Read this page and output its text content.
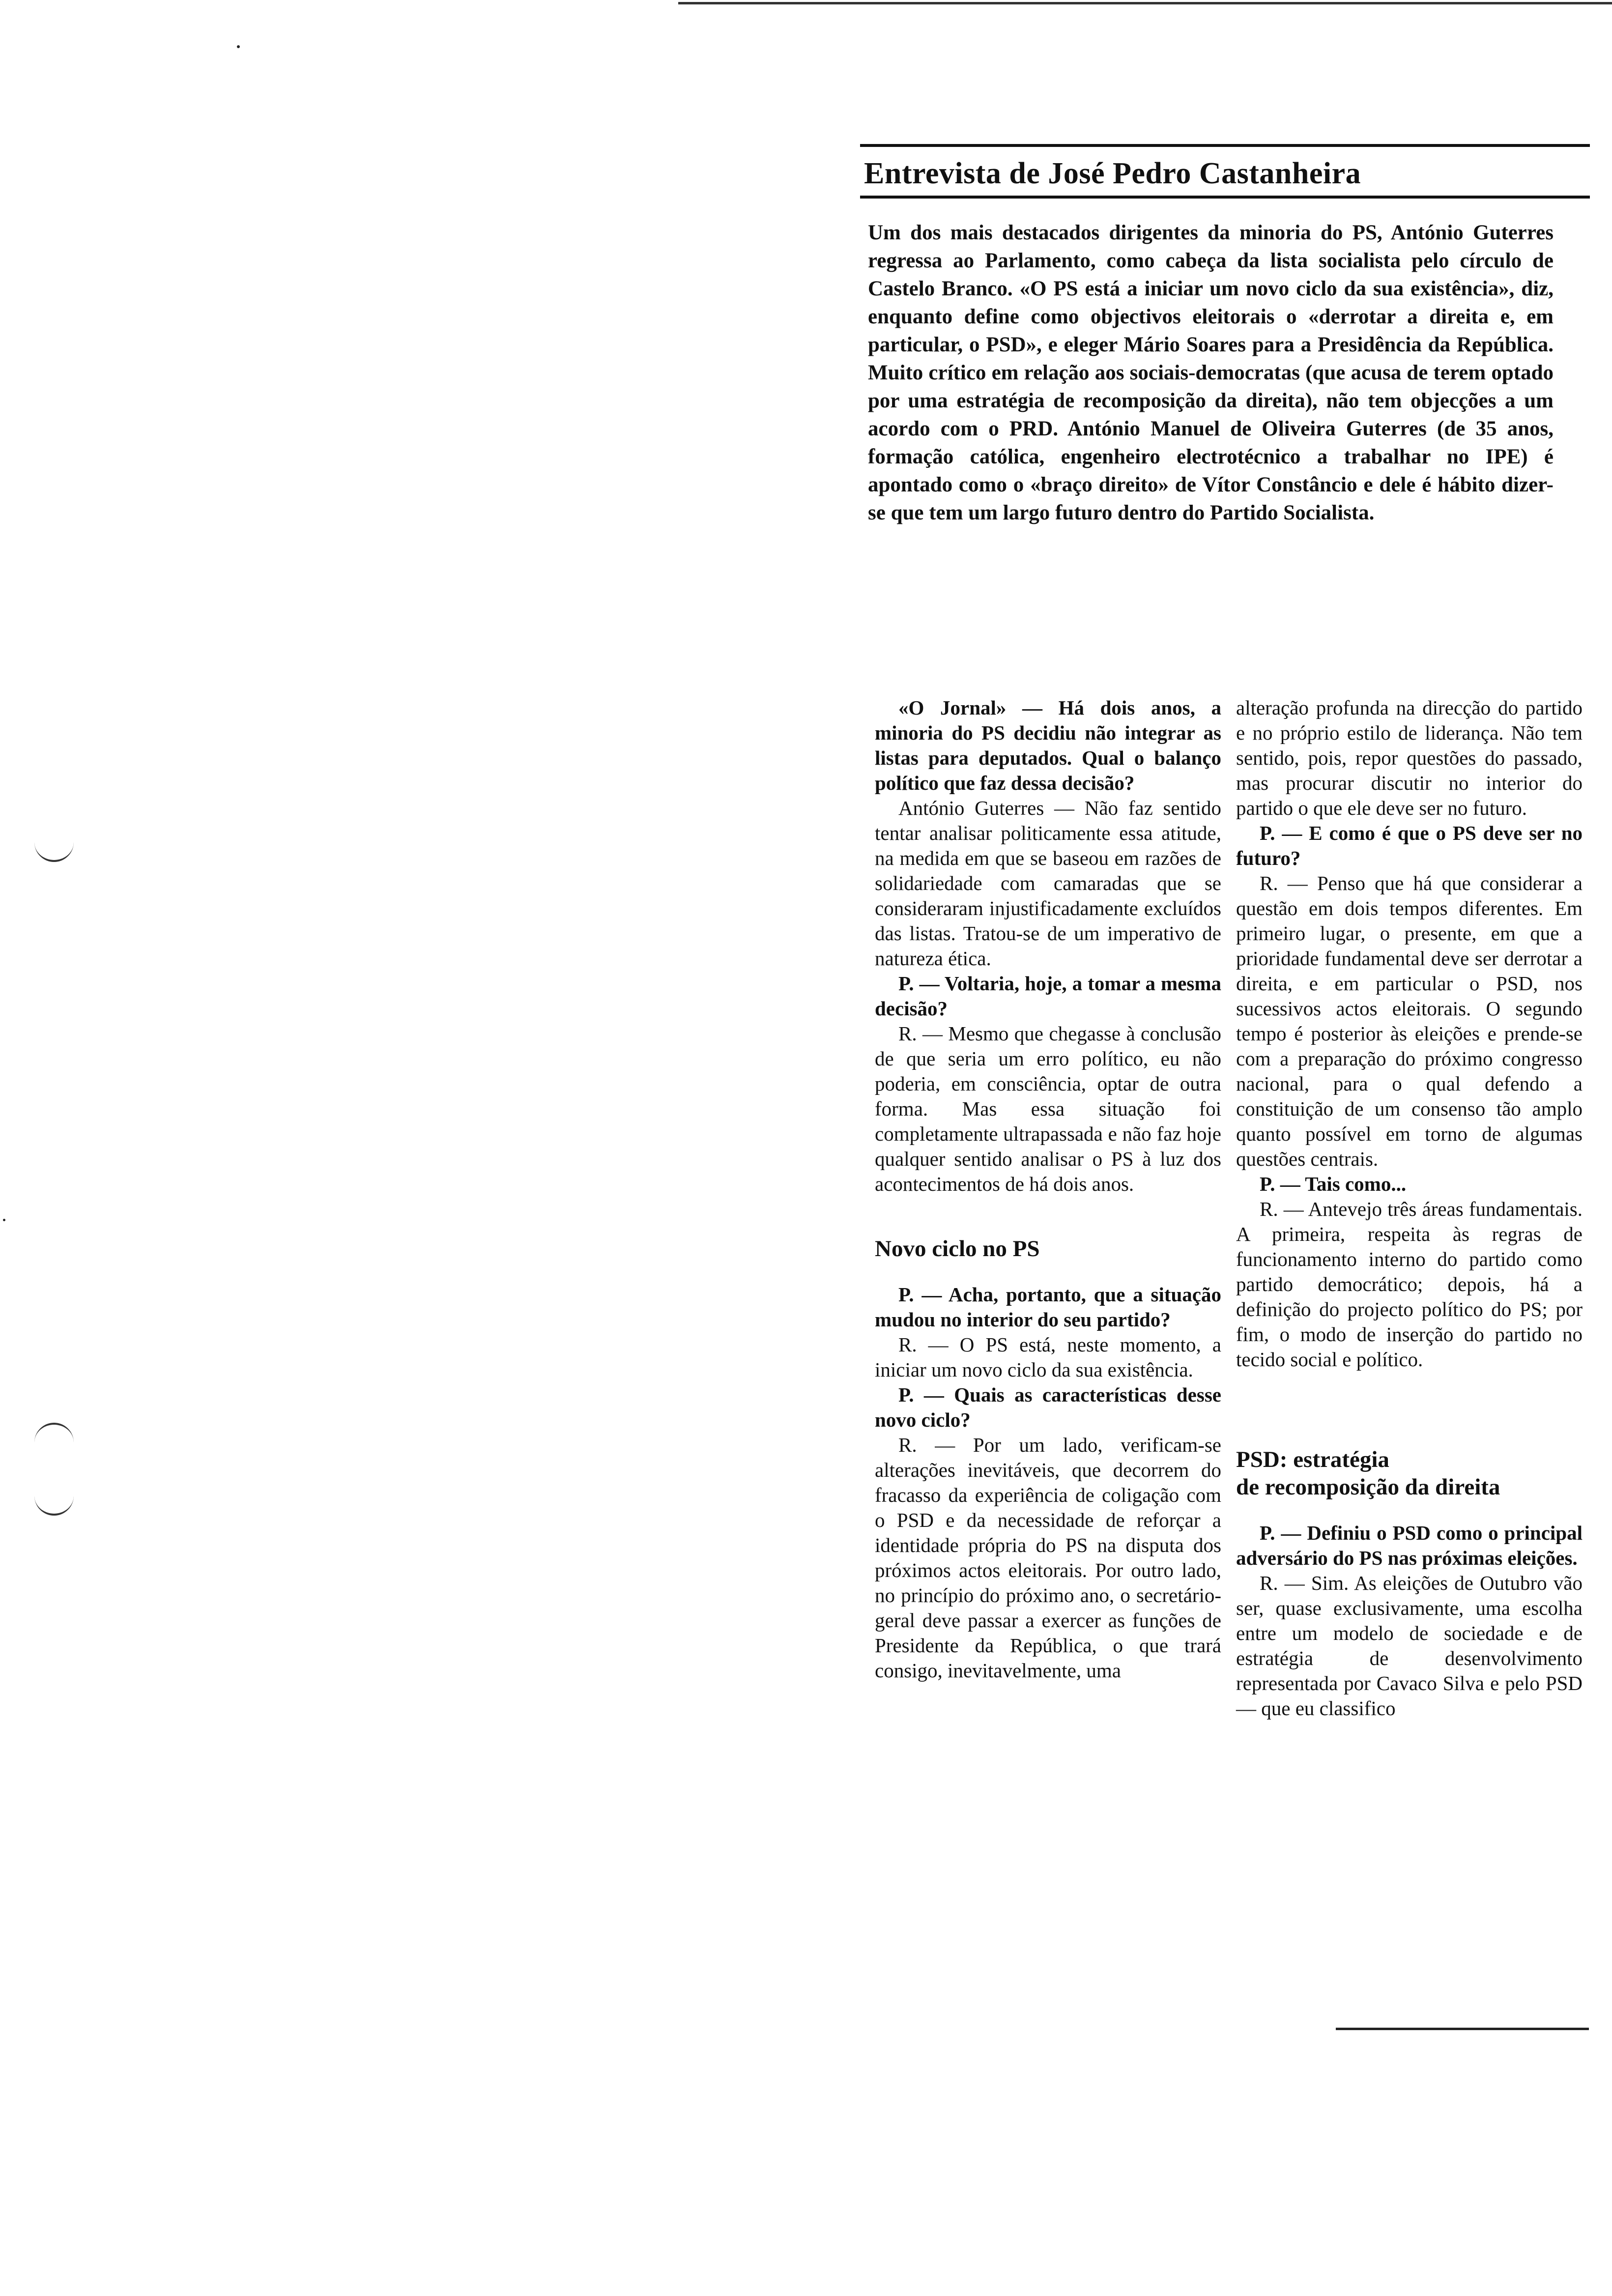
Entrevista de José Pedro Castanheira
Um dos mais destacados dirigentes da minoria do PS, António Guterres regressa ao Parlamento, como cabeça da lista socialista pelo círculo de Castelo Branco. «O PS está a iniciar um novo ciclo da sua existência», diz, enquanto define como objectivos eleitorais o «derrotar a direita e, em particular, o PSD», e eleger Mário Soares para a Presidência da República. Muito crítico em relação aos sociais-democratas (que acusa de terem optado por uma estratégia de recomposição da direita), não tem objecções a um acordo com o PRD. António Manuel de Oliveira Guterres (de 35 anos, formação católica, engenheiro electrotécnico a trabalhar no IPE) é apontado como o «braço direito» de Vítor Constâncio e dele é hábito dizer-se que tem um largo futuro dentro do Partido Socialista.

«O Jornal» — Há dois anos, a minoria do PS decidiu não integrar as listas para deputados. Qual o balanço político que faz dessa decisão?

António Guterres — Não faz sentido tentar analisar politicamente essa atitude, na medida em que se baseou em razões de solidariedade com camaradas que se consideraram injustificadamente excluídos das listas. Tratou-se de um imperativo de natureza ética.

P. — Voltaria, hoje, a tomar a mesma decisão?

R. — Mesmo que chegasse à conclusão de que seria um erro político, eu não poderia, em consciência, optar de outra forma. Mas essa situação foi completamente ultrapassada e não faz hoje qualquer sentido analisar o PS à luz dos acontecimentos de há dois anos.

Novo ciclo no PS

P. — Acha, portanto, que a situação mudou no interior do seu partido?

R. — O PS está, neste momento, a iniciar um novo ciclo da sua existência.

P. — Quais as características desse novo ciclo?

R. — Por um lado, verificam-se alterações inevitáveis, que decorrem do fracasso da experiência de coligação com o PSD e da necessidade de reforçar a identidade própria do PS na disputa dos próximos actos eleitorais. Por outro lado, no princípio do próximo ano, o secretário-geral deve passar a exercer as funções de Presidente da República, o que trará consigo, inevitavelmente, uma

alteração profunda na direcção do partido e no próprio estilo de liderança. Não tem sentido, pois, repor questões do passado, mas procurar discutir no interior do partido o que ele deve ser no futuro.

P. — E como é que o PS deve ser no futuro?

R. — Penso que há que considerar a questão em dois tempos diferentes. Em primeiro lugar, o presente, em que a prioridade fundamental deve ser derrotar a direita, e em particular o PSD, nos sucessivos actos eleitorais. O segundo tempo é posterior às eleições e prende-se com a preparação do próximo congresso nacional, para o qual defendo a constituição de um consenso tão amplo quanto possível em torno de algumas questões centrais.

P. — Tais como...

R. — Antevejo três áreas fundamentais. A primeira, respeita às regras de funcionamento interno do partido como partido democrático; depois, há a definição do projecto político do PS; por fim, o modo de inserção do partido no tecido social e político.

PSD: estratégia
de recomposição da direita

P. — Definiu o PSD como o principal adversário do PS nas próximas eleições.

R. — Sim. As eleições de Outubro vão ser, quase exclusivamente, uma escolha entre um modelo de sociedade e de estratégia de desenvolvimento representada por Cavaco Silva e pelo PSD — que eu classifico
